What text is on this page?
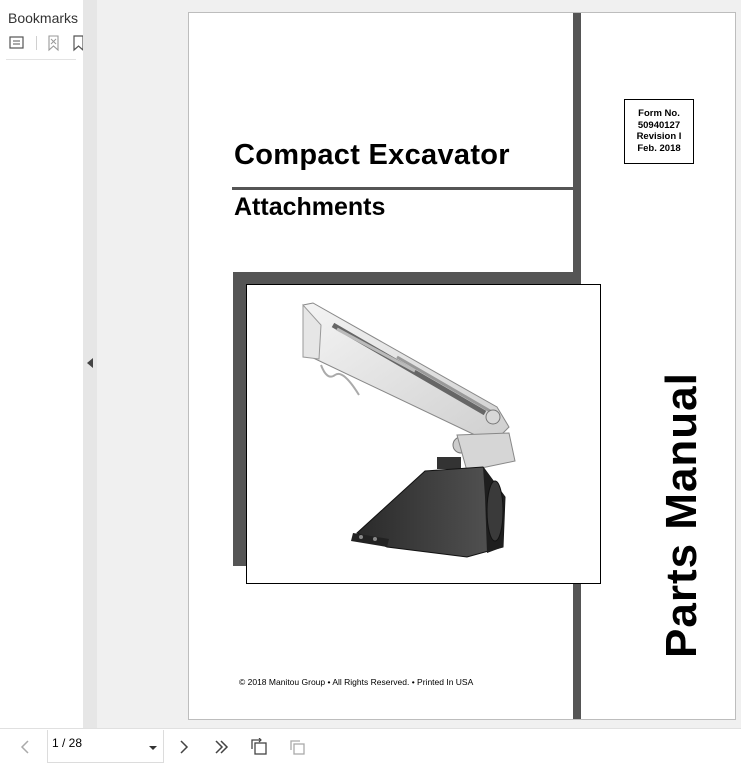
Bookmarks
Compact Excavator
Attachments
Form No.
50940127
Revision I
Feb. 2018
Parts Manual
© 2018 Manitou Group • All Rights Reserved. • Printed In USA
1 / 28
